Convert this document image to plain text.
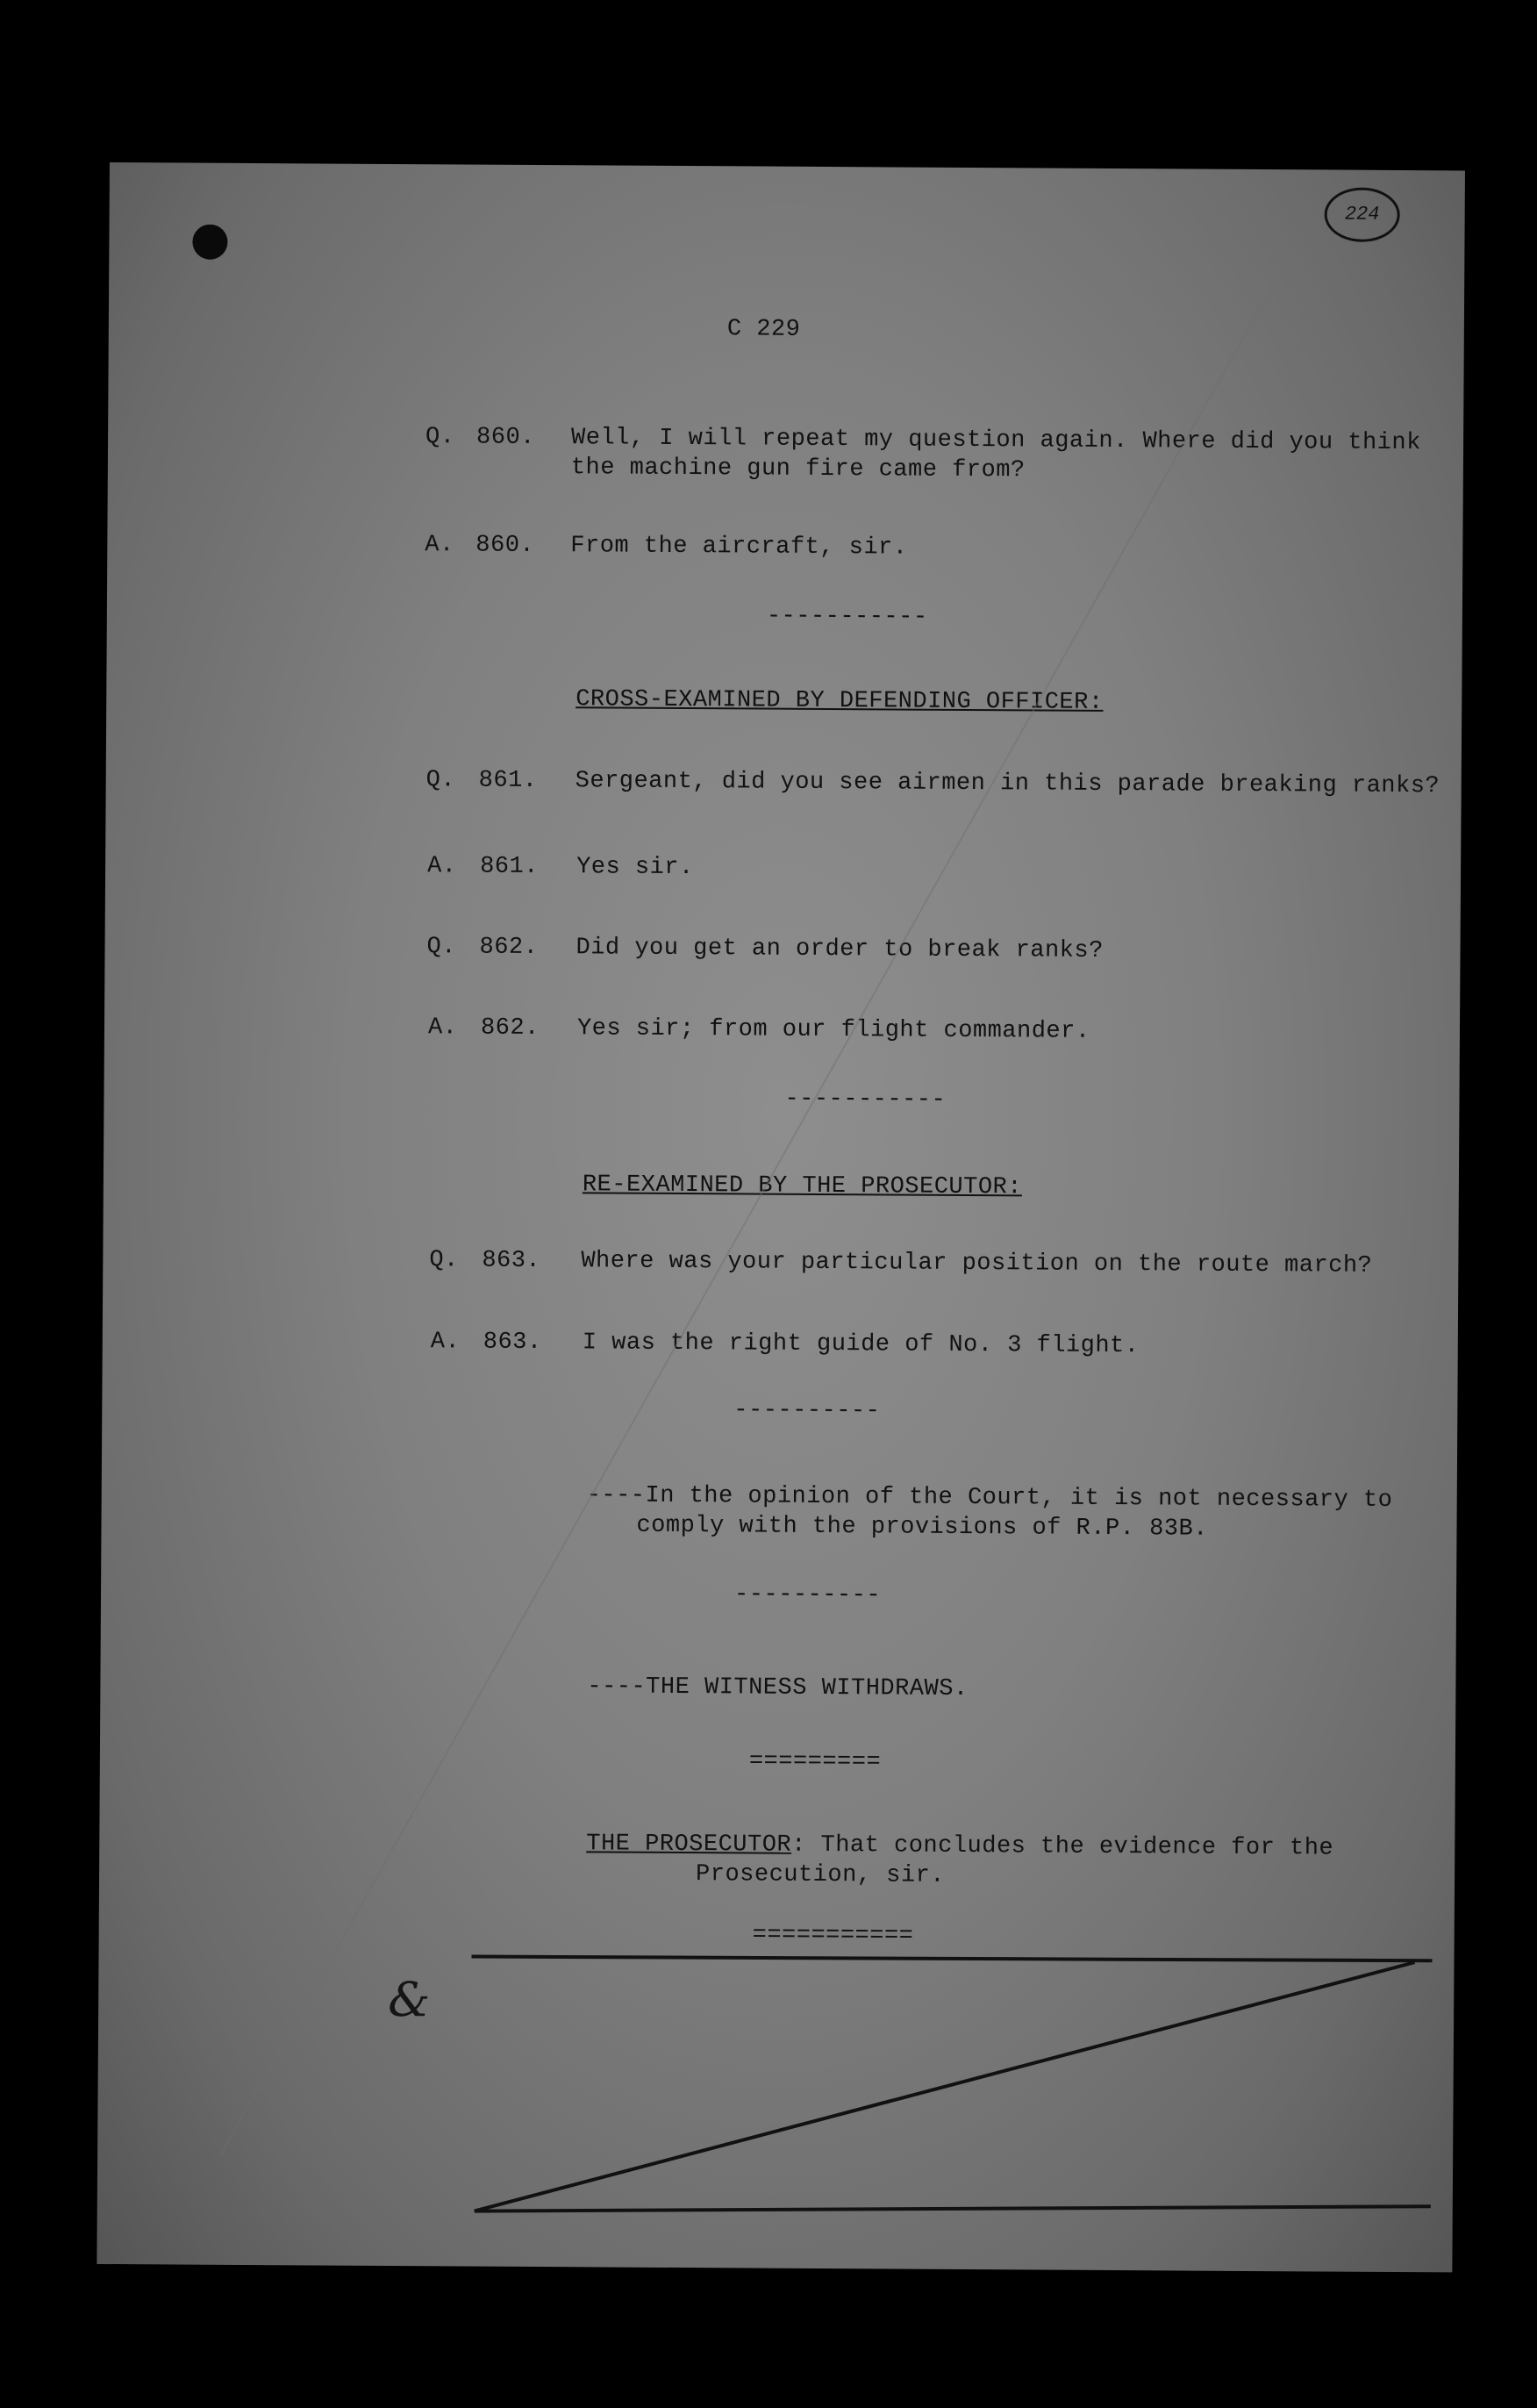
224
C 229
Q. 860. Well, I will repeat my question again. Where did you think
the machine gun fire came from?
A. 860. From the aircraft, sir.
-----------
CROSS-EXAMINED BY DEFENDING OFFICER:
Q. 861. Sergeant, did you see airmen in this parade breaking ranks?
A. 861. Yes sir.
Q. 862. Did you get an order to break ranks?
A. 862. Yes sir; from our flight commander.
-----------
RE-EXAMINED BY THE PROSECUTOR:
Q. 863. Where was your particular position on the route march?
A. 863. I was the right guide of No. 3 flight.
----------
----In the opinion of the Court, it is not necessary to
comply with the provisions of R.P. 83B.
----------
----THE WITNESS WITHDRAWS.
=========
THE PROSECUTOR: That concludes the evidence for the
Prosecution, sir.
===========
&
